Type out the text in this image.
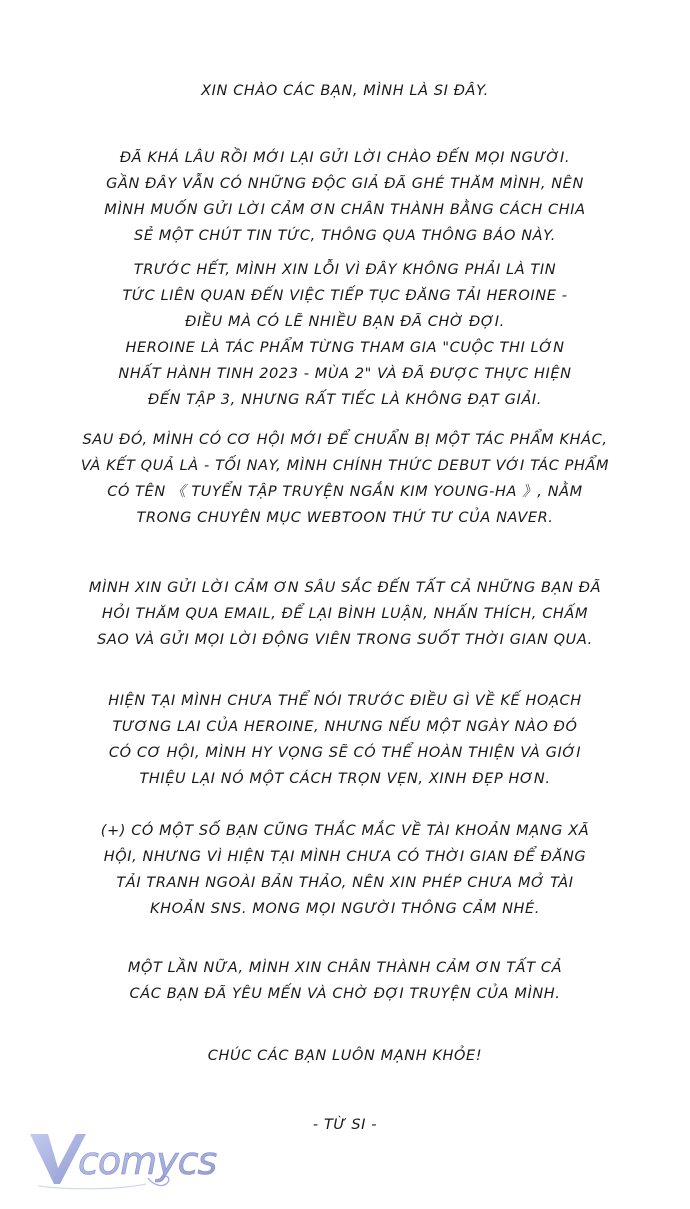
XIN CHÀO CÁC BẠN, MÌNH LÀ SI ĐÂY.
ĐÃ KHÁ LÂU RỒI MỚI LẠI GỬI LỜI CHÀO ĐẾN MỌI NGƯỜI.
GẦN ĐÂY VẪN CÓ NHỮNG ĐỘC GIẢ ĐÃ GHÉ THĂM MÌNH, NÊN
MÌNH MUỐN GỬI LỜI CẢM ƠN CHÂN THÀNH BẰNG CÁCH CHIA
SẺ MỘT CHÚT TIN TỨC, THÔNG QUA THÔNG BÁO NÀY.
TRƯỚC HẾT, MÌNH XIN LỖI VÌ ĐÂY KHÔNG PHẢI LÀ TIN
TỨC LIÊN QUAN ĐẾN VIỆC TIẾP TỤC ĐĂNG TẢI HEROINE -
ĐIỀU MÀ CÓ LẼ NHIỀU BẠN ĐÃ CHỜ ĐỢI.
HEROINE LÀ TÁC PHẨM TỪNG THAM GIA "CUỘC THI LỚN
NHẤT HÀNH TINH 2023 - MÙA 2" VÀ ĐÃ ĐƯỢC THỰC HIỆN
ĐẾN TẬP 3, NHƯNG RẤT TIẾC LÀ KHÔNG ĐẠT GIẢI.
SAU ĐÓ, MÌNH CÓ CƠ HỘI MỚI ĐỂ CHUẨN BỊ MỘT TÁC PHẨM KHÁC,
VÀ KẾT QUẢ LÀ - TỐI NAY, MÌNH CHÍNH THỨC DEBUT VỚI TÁC PHẨM
CÓ TÊN 《 TUYỂN TẬP TRUYỆN NGẮN KIM YOUNG-HA 》, NẰM
TRONG CHUYÊN MỤC WEBTOON THỨ TƯ CỦA NAVER.
MÌNH XIN GỬI LỜI CẢM ƠN SÂU SẮC ĐẾN TẤT CẢ NHỮNG BẠN ĐÃ
HỎI THĂM QUA EMAIL, ĐỂ LẠI BÌNH LUẬN, NHẤN THÍCH, CHẤM
SAO VÀ GỬI MỌI LỜI ĐỘNG VIÊN TRONG SUỐT THỜI GIAN QUA.
HIỆN TẠI MÌNH CHƯA THỂ NÓI TRƯỚC ĐIỀU GÌ VỀ KẾ HOẠCH
TƯƠNG LAI CỦA HEROINE, NHƯNG NẾU MỘT NGÀY NÀO ĐÓ
CÓ CƠ HỘI, MÌNH HY VỌNG SẼ CÓ THỂ HOÀN THIỆN VÀ GIỚI
THIỆU LẠI NÓ MỘT CÁCH TRỌN VẸN, XINH ĐẸP HƠN.
(+) CÓ MỘT SỐ BẠN CŨNG THẮC MẮC VỀ TÀI KHOẢN MẠNG XÃ
HỘI, NHƯNG VÌ HIỆN TẠI MÌNH CHƯA CÓ THỜI GIAN ĐỂ ĐĂNG
TẢI TRANH NGOÀI BẢN THẢO, NÊN XIN PHÉP CHƯA MỞ TÀI
KHOẢN SNS. MONG MỌI NGƯỜI THÔNG CẢM NHÉ.
MỘT LẦN NỮA, MÌNH XIN CHÂN THÀNH CẢM ƠN TẤT CẢ
CÁC BẠN ĐÃ YÊU MẾN VÀ CHỜ ĐỢI TRUYỆN CỦA MÌNH.
CHÚC CÁC BẠN LUÔN MẠNH KHỎE!
- TỪ SI -
comycs
